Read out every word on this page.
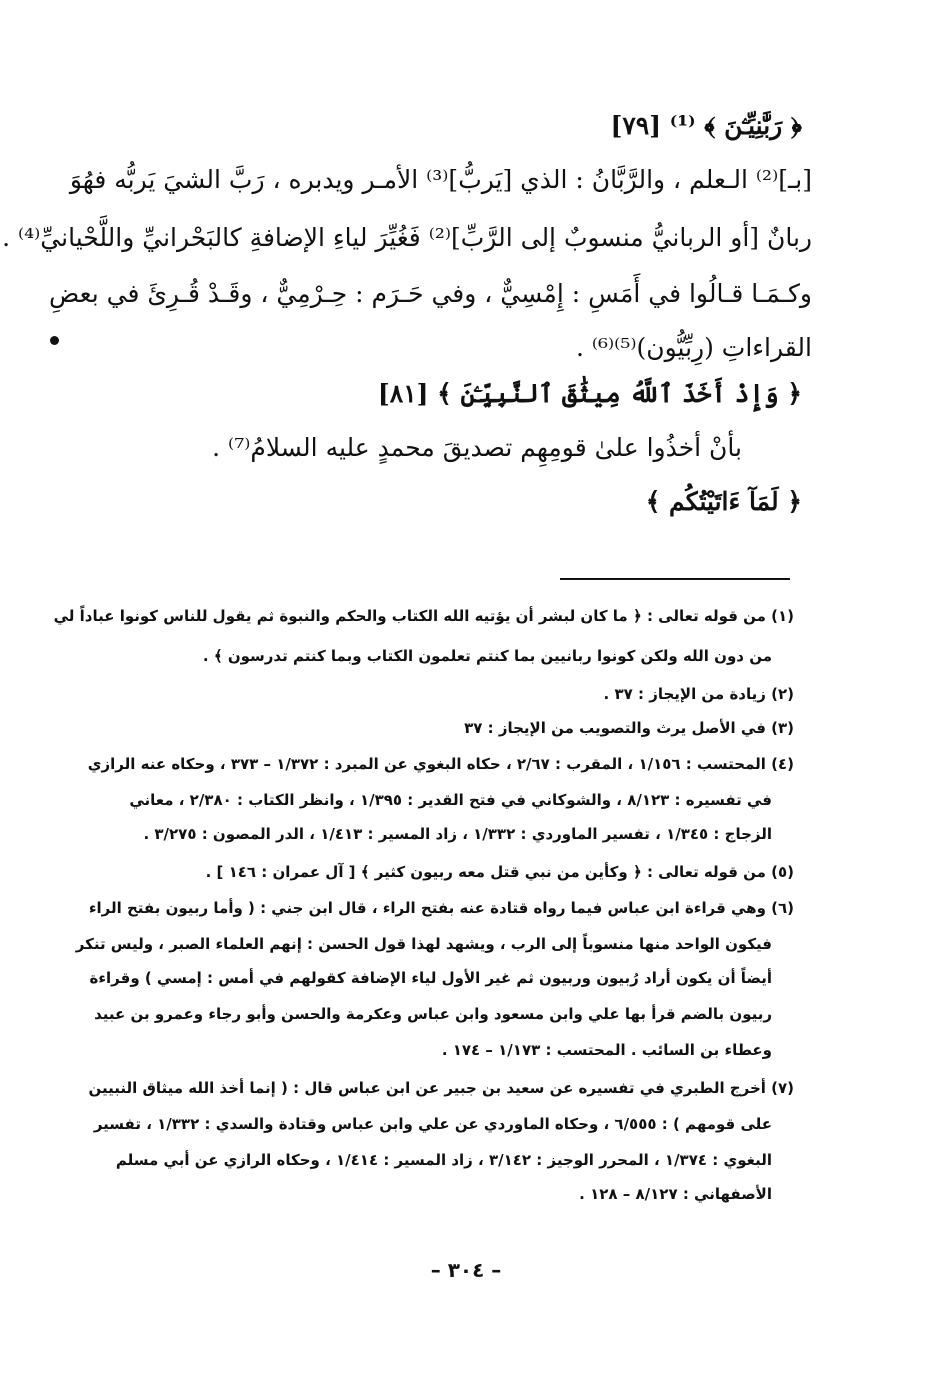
﴿ رَبَّٰنِيِّـۧنَ ﴾ ⁽¹⁾ [٧٩]
[بـ]⁽²⁾ الـعلم ، والرَّبَّانُ : الذي [يَربُّ]⁽³⁾ الأمـر ويدبره ، رَبَّ الشيَ يَربُّه فهُوَ
ربانٌ [أو الربانيُّ منسوبٌ إلى الرَّبِّ]⁽²⁾ فَغُيِّرَ لياءِ الإضافةِ كالبَحْرانيِّ واللَّحْيانيِّ⁽⁴⁾ .
وكـمَـا قـالُوا في أَمَسِ : إِمْسِيٌّ ، وفي حَـرَم : حِـرْمِيٌّ ، وقَـدْ قُـرِئَ في بعضِ
القراءاتِ (رِبِّيُّون)⁽⁵⁾⁽⁶⁾ .
﴿ وَإِذْ أَخَذَ ٱللَّهُ مِيثَٰقَ ٱلنَّبِيِّـۧنَ ﴾ [٨١]
بأنْ أخذُوا علىٰ قومِهِم تصديقَ محمدٍ عليه السلامُ⁽⁷⁾ .
﴿ لَمَآ ءَاتَيْتُكُم ﴾
(١) من قوله تعالى : ﴿ ما كان لبشر أن يؤتيه الله الكتاب والحكم والنبوة ثم يقول للناس كونوا عباداً لي
من دون الله ولكن كونوا ربانيين بما كنتم تعلمون الكتاب وبما كنتم تدرسون ﴾ .
(٢) زيادة من الإيجاز : ٣٧ .
(٣) في الأصل يرث والتصويب من الإيجاز : ٣٧
(٤) المحتسب : ١/١٥٦ ، المقرب : ٢/٦٧ ، حكاه البغوي عن المبرد : ١/٣٧٢ – ٣٧٣ ، وحكاه عنه الرازي
في تفسيره : ٨/١٢٣ ، والشوكاني في فتح القدير : ١/٣٩٥ ، وانظر الكتاب : ٢/٣٨٠ ، معاني
الزجاج : ١/٣٤٥ ، تفسير الماوردي : ١/٣٣٢ ، زاد المسير : ١/٤١٣ ، الدر المصون : ٣/٢٧٥ .
(٥) من قوله تعالى : ﴿ وكأين من نبي قتل معه ربيون كثير ﴾ [ آل عمران : ١٤٦ ] .
(٦) وهي قراءة ابن عباس فيما رواه قتادة عنه بفتح الراء ، قال ابن جني : ( وأما ربيون بفتح الراء
فيكون الواحد منها منسوباً إلى الرب ، ويشهد لهذا قول الحسن : إنهم العلماء الصبر ، وليس تنكر
أيضاً أن يكون أراد رُبيون وربيون ثم غير الأول لياء الإضافة كقولهم في أمس : إمسي ) وقراءة
ربيون بالضم قرأ بها علي وابن مسعود وابن عباس وعكرمة والحسن وأبو رجاء وعمرو بن عبيد
وعطاء بن السائب . المحتسب : ١/١٧٣ – ١٧٤ .
(٧) أخرج الطبري في تفسيره عن سعيد بن جبير عن ابن عباس قال : ( إنما أخذ الله ميثاق النبيين
على قومهم ) : ٦/٥٥٥ ، وحكاه الماوردي عن علي وابن عباس وقتادة والسدي : ١/٣٣٢ ، تفسير
البغوي : ١/٣٧٤ ، المحرر الوجيز : ٣/١٤٢ ، زاد المسير : ١/٤١٤ ، وحكاه الرازي عن أبي مسلم
الأصفهاني : ٨/١٢٧ – ١٢٨ .
– ٣٠٤ –
